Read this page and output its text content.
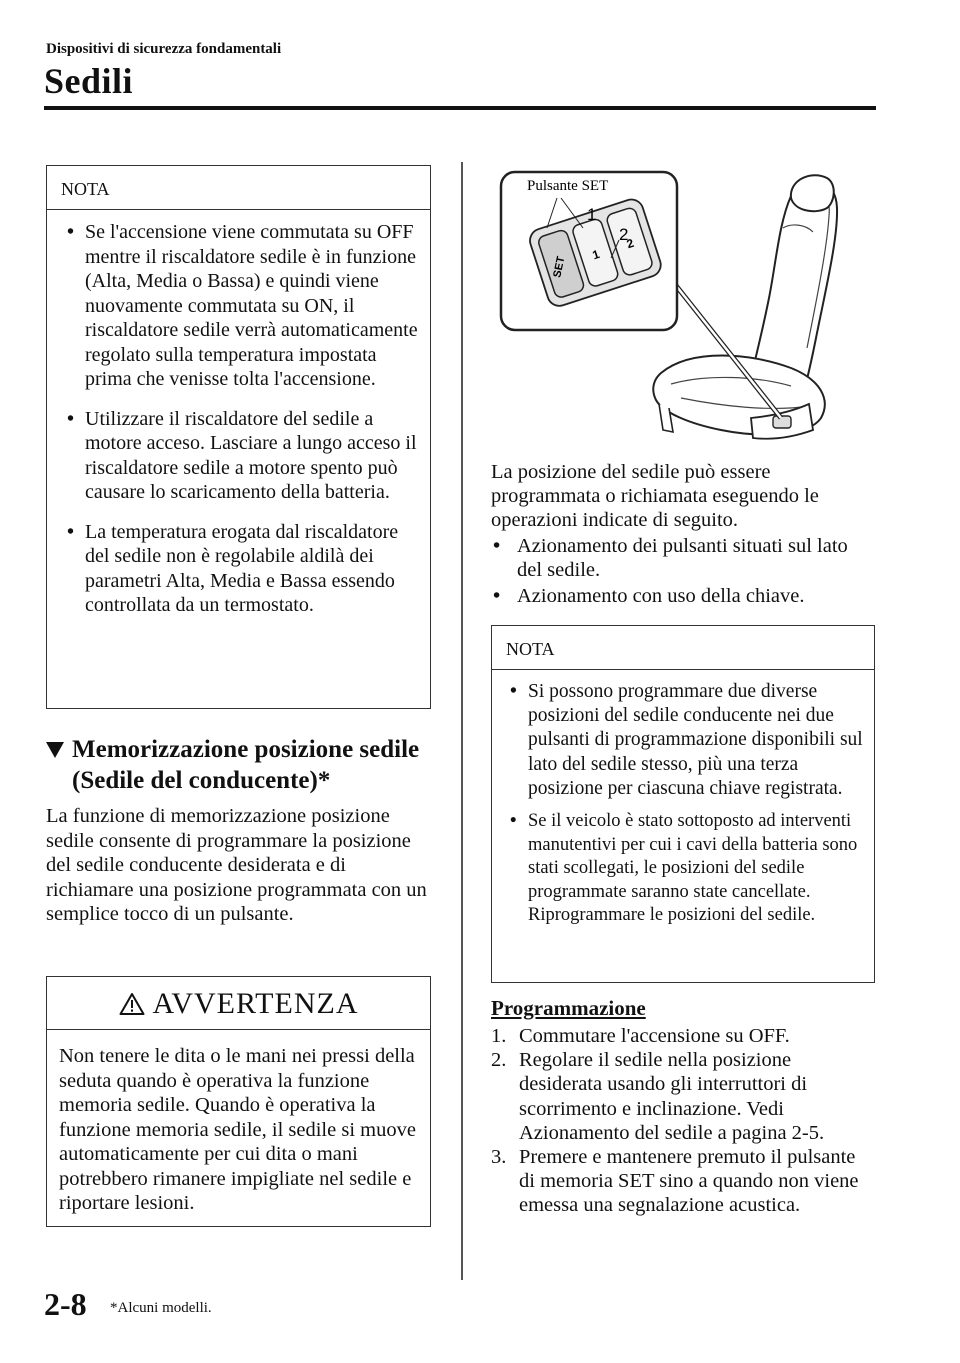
Dispositivi di sicurezza fondamentali
Sedili
NOTA
• Se l'accensione viene commutata su OFF mentre il riscaldatore sedile è in funzione (Alta, Media o Bassa) e quindi viene nuovamente commutata su ON, il riscaldatore sedile verrà automaticamente regolato sulla temperatura impostata prima che venisse tolta l'accensione.
• Utilizzare il riscaldatore del sedile a motore acceso. Lasciare a lungo acceso il riscaldatore sedile a motore spento può causare lo scaricamento della batteria.
• La temperatura erogata dal riscaldatore del sedile non è regolabile aldilà dei parametri Alta, Media e Bassa essendo controllata da un termostato.
Memorizzazione posizione sedile
(Sedile del conducente)*
La funzione di memorizzazione posizione sedile consente di programmare la posizione del sedile conducente desiderata e di richiamare una posizione programmata con un semplice tocco di un pulsante.
AVVERTENZA
Non tenere le dita o le mani nei pressi della seduta quando è operativa la funzione memoria sedile. Quando è operativa la funzione memoria sedile, il sedile si muove automaticamente per cui dita o mani potrebbero rimanere impigliate nel sedile e riportare lesioni.
SET
1
2
Pulsante SET
1
2
La posizione del sedile può essere programmata o richiamata eseguendo le operazioni indicate di seguito.
• Azionamento dei pulsanti situati sul lato del sedile.
• Azionamento con uso della chiave.
NOTA
• Si possono programmare due diverse posizioni del sedile conducente nei due pulsanti di programmazione disponibili sul lato del sedile stesso, più una terza posizione per ciascuna chiave registrata.
• Se il veicolo è stato sottoposto ad interventi manutentivi per cui i cavi della batteria sono stati scollegati, le posizioni del sedile programmate saranno state cancellate. Riprogrammare le posizioni del sedile.
Programmazione
1. Commutare l'accensione su OFF.
2. Regolare il sedile nella posizione desiderata usando gli interruttori di scorrimento e inclinazione. Vedi Azionamento del sedile a pagina 2-5.
3. Premere e mantenere premuto il pulsante di memoria SET sino a quando non viene emessa una segnalazione acustica.
2-8 *Alcuni modelli.
